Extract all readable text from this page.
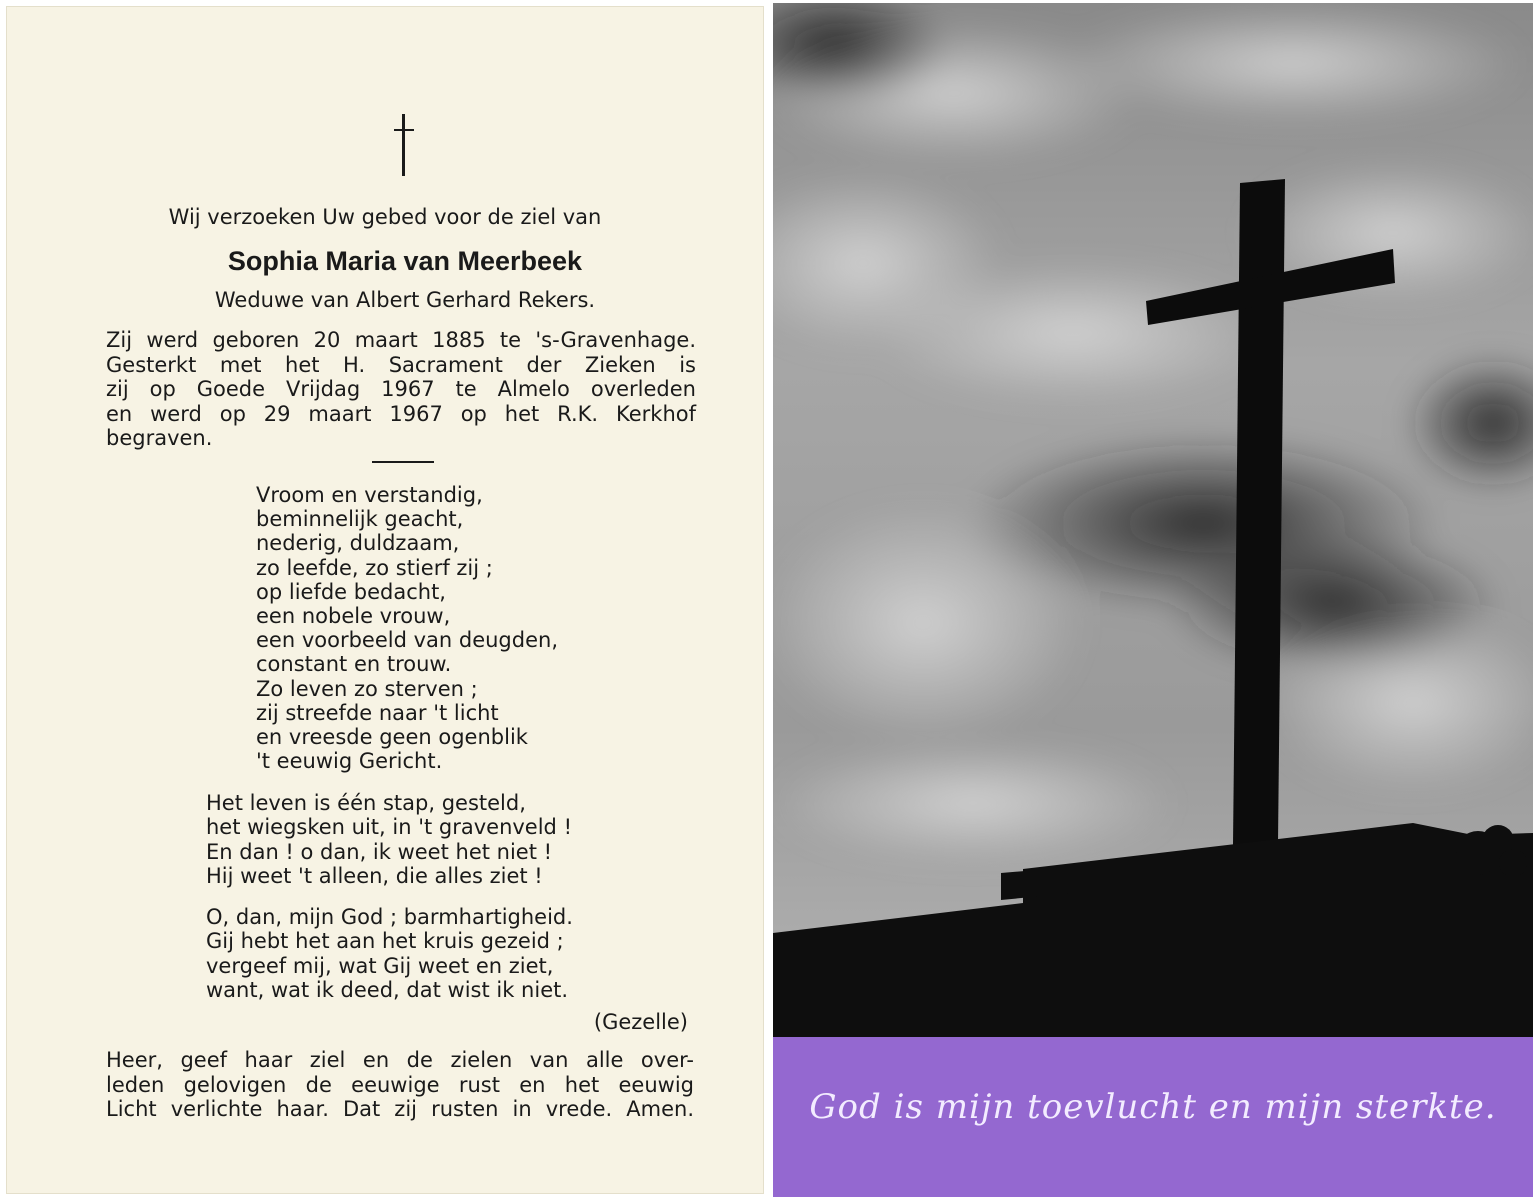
Wij verzoeken Uw gebed voor de ziel van
Sophia Maria van Meerbeek
Weduwe van Albert Gerhard Rekers.
Zij werd geboren 20 maart 1885 te 's-Gravenhage.
Gesterkt met het H. Sacrament der Zieken is
zij op Goede Vrijdag 1967 te Almelo overleden
en werd op 29 maart 1967 op het R.K. Kerkhof
begraven.
Vroom en verstandig,
beminnelijk geacht,
nederig, duldzaam,
zo leefde, zo stierf zij ;
op liefde bedacht,
een nobele vrouw,
een voorbeeld van deugden,
constant en trouw.
Zo leven zo sterven ;
zij streefde naar 't licht
en vreesde geen ogenblik
't eeuwig Gericht.
Het leven is één stap, gesteld,
het wiegsken uit, in 't gravenveld !
En dan ! o dan, ik weet het niet !
Hij weet 't alleen, die alles ziet !
O, dan, mijn God ; barmhartigheid.
Gij hebt het aan het kruis gezeid ;
vergeef mij, wat Gij weet en ziet,
want, wat ik deed, dat wist ik niet.
(Gezelle)
Heer, geef haar ziel en de zielen van alle over-
leden gelovigen de eeuwige rust en het eeuwig
Licht verlichte haar. Dat zij rusten in vrede. Amen.	God is mijn toevlucht en mijn sterkte.
